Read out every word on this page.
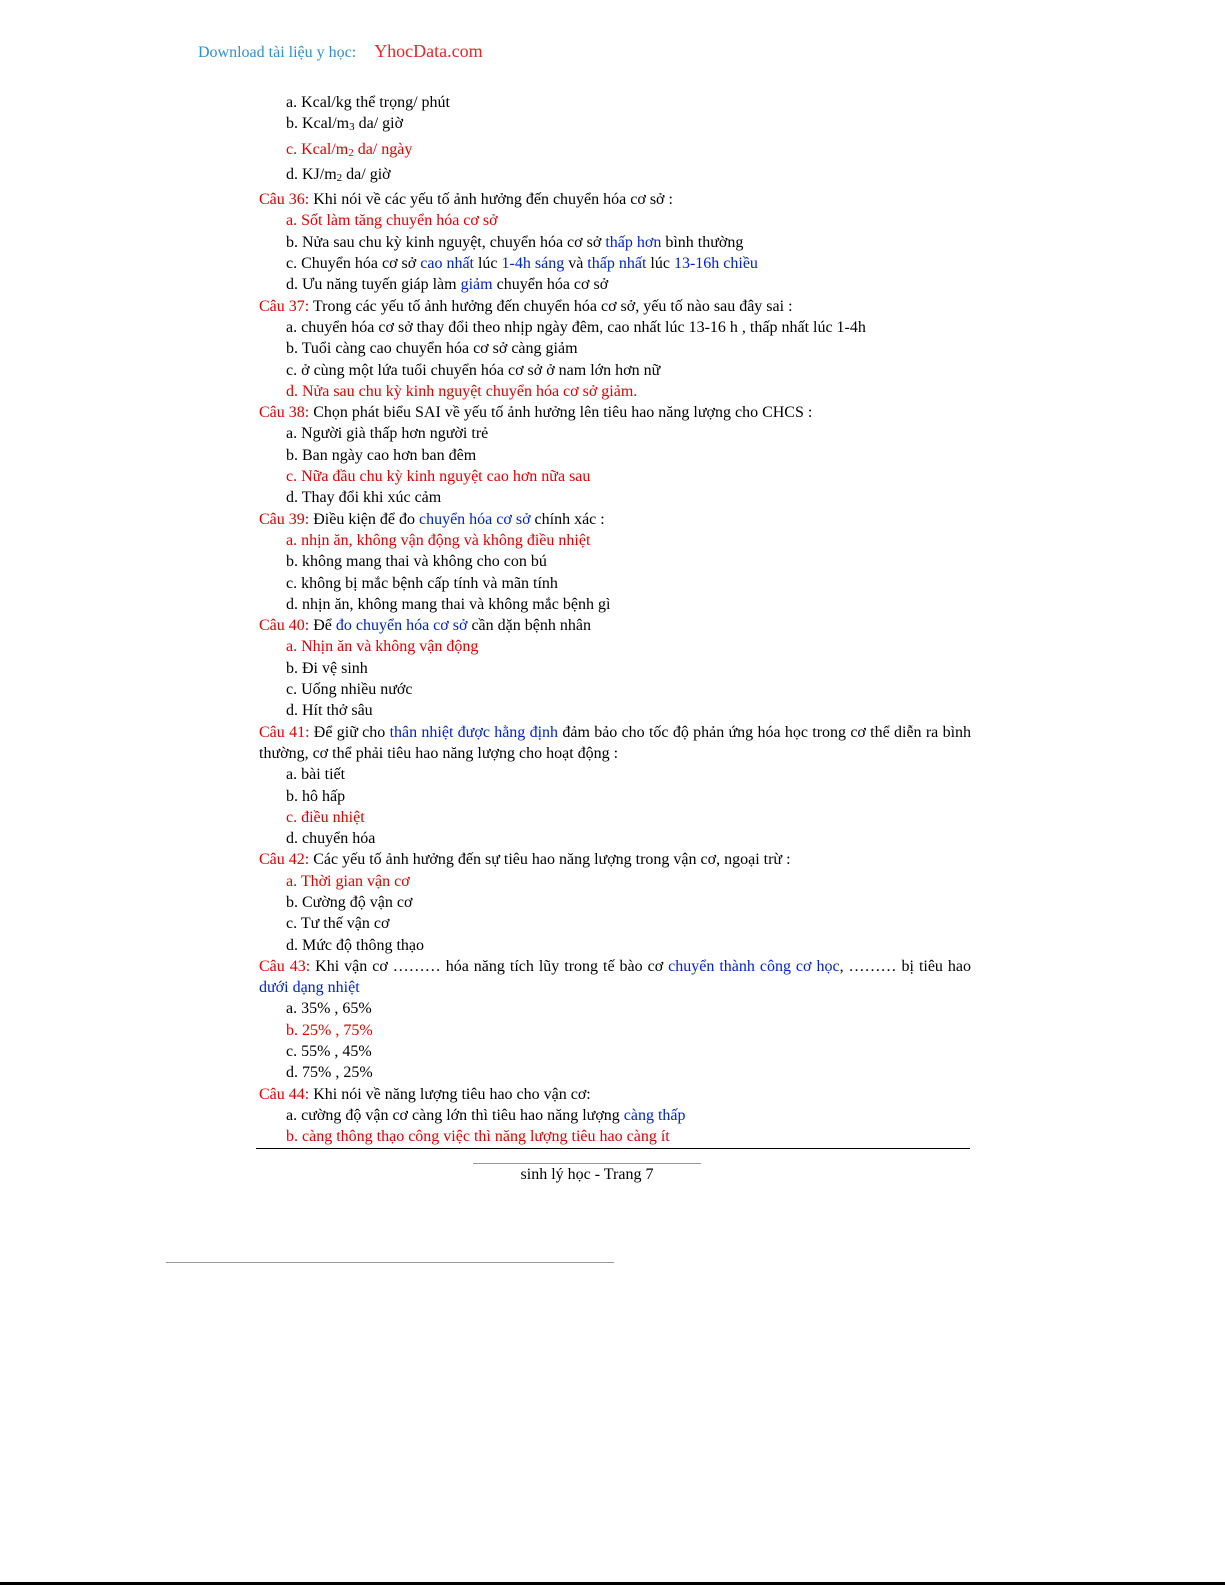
Download tài liệu y học: YhocData.com
a. Kcal/kg thể trọng/ phút
b. Kcal/$m_3$ da/ giờ
c. Kcal/$m_2$ da/ ngày
d. $KJ/m_2$ da/ giờ
Câu 36: Khi nói về các yếu tố ảnh hưởng đến chuyển hóa cơ sở :
a. Sốt làm tăng chuyển hóa cơ sở
b. Nửa sau chu kỳ kinh nguyệt, chuyển hóa cơ sở thấp hơn bình thường
c. Chuyển hóa cơ sở cao nhất lúc 1-4h sáng và thấp nhất lúc 13-16h chiều
d. Ưu năng tuyến giáp làm giảm chuyển hóa cơ sở
Câu 37: Trong các yếu tố ảnh hưởng đến chuyển hóa cơ sở, yếu tố nào sau đây sai :
a. chuyển hóa cơ sở thay đổi theo nhịp ngày đêm, cao nhất lúc 13-16 h , thấp nhất lúc 1-4h
b. Tuổi càng cao chuyển hóa cơ sở càng giảm
c. ở cùng một lứa tuổi chuyển hóa cơ sở ở nam lớn hơn nữ
d. Nửa sau chu kỳ kinh nguyệt chuyển hóa cơ sở giảm.
Câu 38: Chọn phát biểu SAI về yếu tố ảnh hưởng lên tiêu hao năng lượng cho CHCS :
a. Người già thấp hơn người trẻ
b. Ban ngày cao hơn ban đêm
c. Nữa đầu chu kỳ kinh nguyệt cao hơn nữa sau
d. Thay đổi khi xúc cảm
Câu 39: Điều kiện để đo chuyển hóa cơ sở chính xác :
a. nhịn ăn, không vận động và không điều nhiệt
b. không mang thai và không cho con bú
c. không bị mắc bệnh cấp tính và mãn tính
d. nhịn ăn, không mang thai và không mắc bệnh gì
Câu 40: Để đo chuyển hóa cơ sở cần dặn bệnh nhân
a. Nhịn ăn và không vận động
b. Đi vệ sinh
c. Uống nhiều nước
d. Hít thở sâu
Câu 41: Để giữ cho thân nhiệt được hằng định đảm bảo cho tốc độ phản ứng hóa học trong cơ thể diễn ra bình thường, cơ thể phải tiêu hao năng lượng cho hoạt động :
a. bài tiết
b. hô hấp
c. điều nhiệt
d. chuyển hóa
Câu 42: Các yếu tố ảnh hưởng đến sự tiêu hao năng lượng trong vận cơ, ngoại trừ :
a. Thời gian vận cơ
b. Cường độ vận cơ
c. Tư thế vận cơ
d. Mức độ thông thạo
Câu 43: Khi vận cơ ……… hóa năng tích lũy trong tế bào cơ chuyển thành công cơ học, ……… bị tiêu hao dưới dạng nhiệt
a. 35% , 65%
b. 25% , 75%
c. 55% , 45%
d. 75% , 25%
Câu 44: Khi nói về năng lượng tiêu hao cho vận cơ:
a. cường độ vận cơ càng lớn thì tiêu hao năng lượng càng thấp
b. càng thông thạo công việc thì năng lượng tiêu hao càng ít
sinh lý học - Trang 7
